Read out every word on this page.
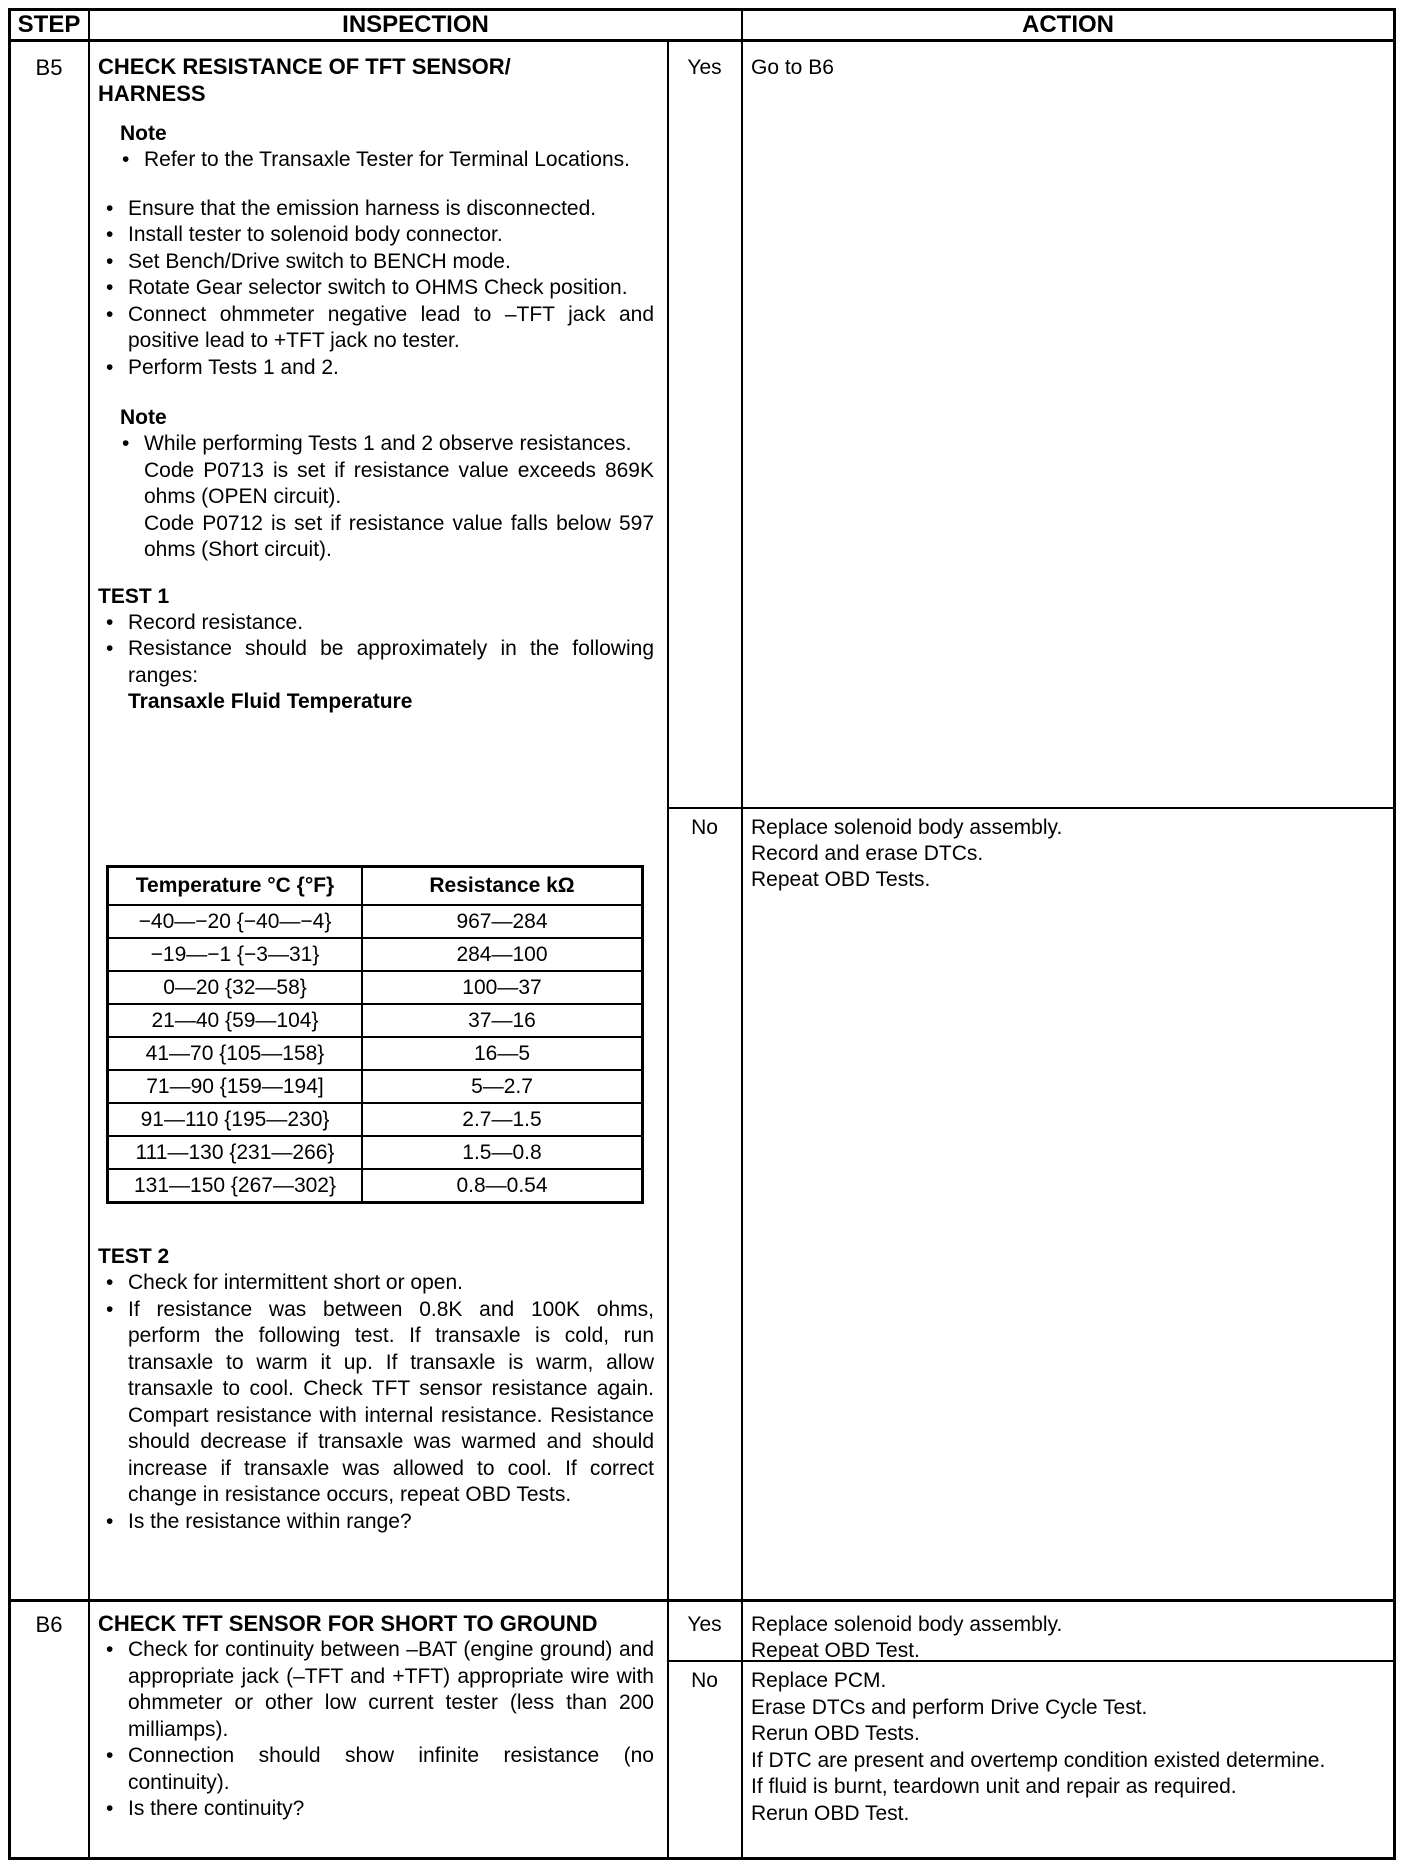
STEP	INSPECTION	ACTION
B5	CHECK RESISTANCE OF TFT SENSOR/
HARNESS
Note
• Refer to the Transaxle Tester for Terminal Locations.
• Ensure that the emission harness is disconnected.
• Install tester to solenoid body connector.
• Set Bench/Drive switch to BENCH mode.
• Rotate Gear selector switch to OHMS Check position.
• Connect ohmmeter negative lead to –TFT jack and positive lead to +TFT jack no tester.
• Perform Tests 1 and 2.
Note
• While performing Tests 1 and 2 observe resistances.
Code P0713 is set if resistance value exceeds 869K ohms (OPEN circuit).
Code P0712 is set if resistance value falls below 597 ohms (Short circuit).
TEST 1
• Record resistance.
• Resistance should be approximately in the following ranges:
Transaxle Fluid Temperature
Temperature °C {°F}	Resistance kΩ
−40—−20 {−40—−4}	967—284
−19—−1 {−3—31}	284—100
0—20 {32—58}	100—37
21—40 {59—104}	37—16
41—70 {105—158}	16—5
71—90 {159—194]	5—2.7
91—110 {195—230}	2.7—1.5
111—130 {231—266}	1.5—0.8
131—150 {267—302}	0.8—0.54
TEST 2
• Check for intermittent short or open.
• If resistance was between 0.8K and 100K ohms, perform the following test. If transaxle is cold, run transaxle to warm it up. If transaxle is warm, allow transaxle to cool. Check TFT sensor resistance again. Compart resistance with internal resistance. Resistance should decrease if transaxle was warmed and should increase if transaxle was allowed to cool. If correct change in resistance occurs, repeat OBD Tests.
• Is the resistance within range?
Yes	Go to B6
No	Replace solenoid body assembly.
Record and erase DTCs.
Repeat OBD Tests.
B6	CHECK TFT SENSOR FOR SHORT TO GROUND
• Check for continuity between –BAT (engine ground) and appropriate jack (–TFT and +TFT) appropriate wire with ohmmeter or other low current tester (less than 200 milliamps).
• Connection should show infinite resistance (no continuity).
• Is there continuity?
Yes	Replace solenoid body assembly.
Repeat OBD Test.
No	Replace PCM.
Erase DTCs and perform Drive Cycle Test.
Rerun OBD Tests.
If DTC are present and overtemp condition existed determine.
If fluid is burnt, teardown unit and repair as required.
Rerun OBD Test.
